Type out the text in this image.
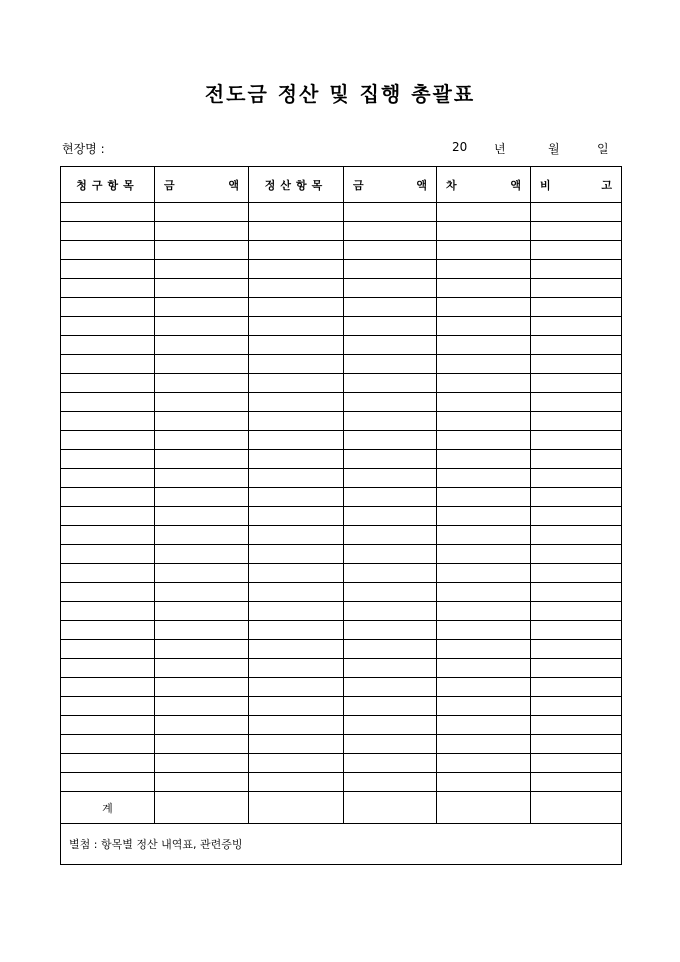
전도금 정산 및 집행 총괄표
현장명 :	20 년	월	일
청구항목	금 액	정산항목	금 액	차 액	비 고

계					
별첨 : 항목별 정산 내역표, 관련증빙					
